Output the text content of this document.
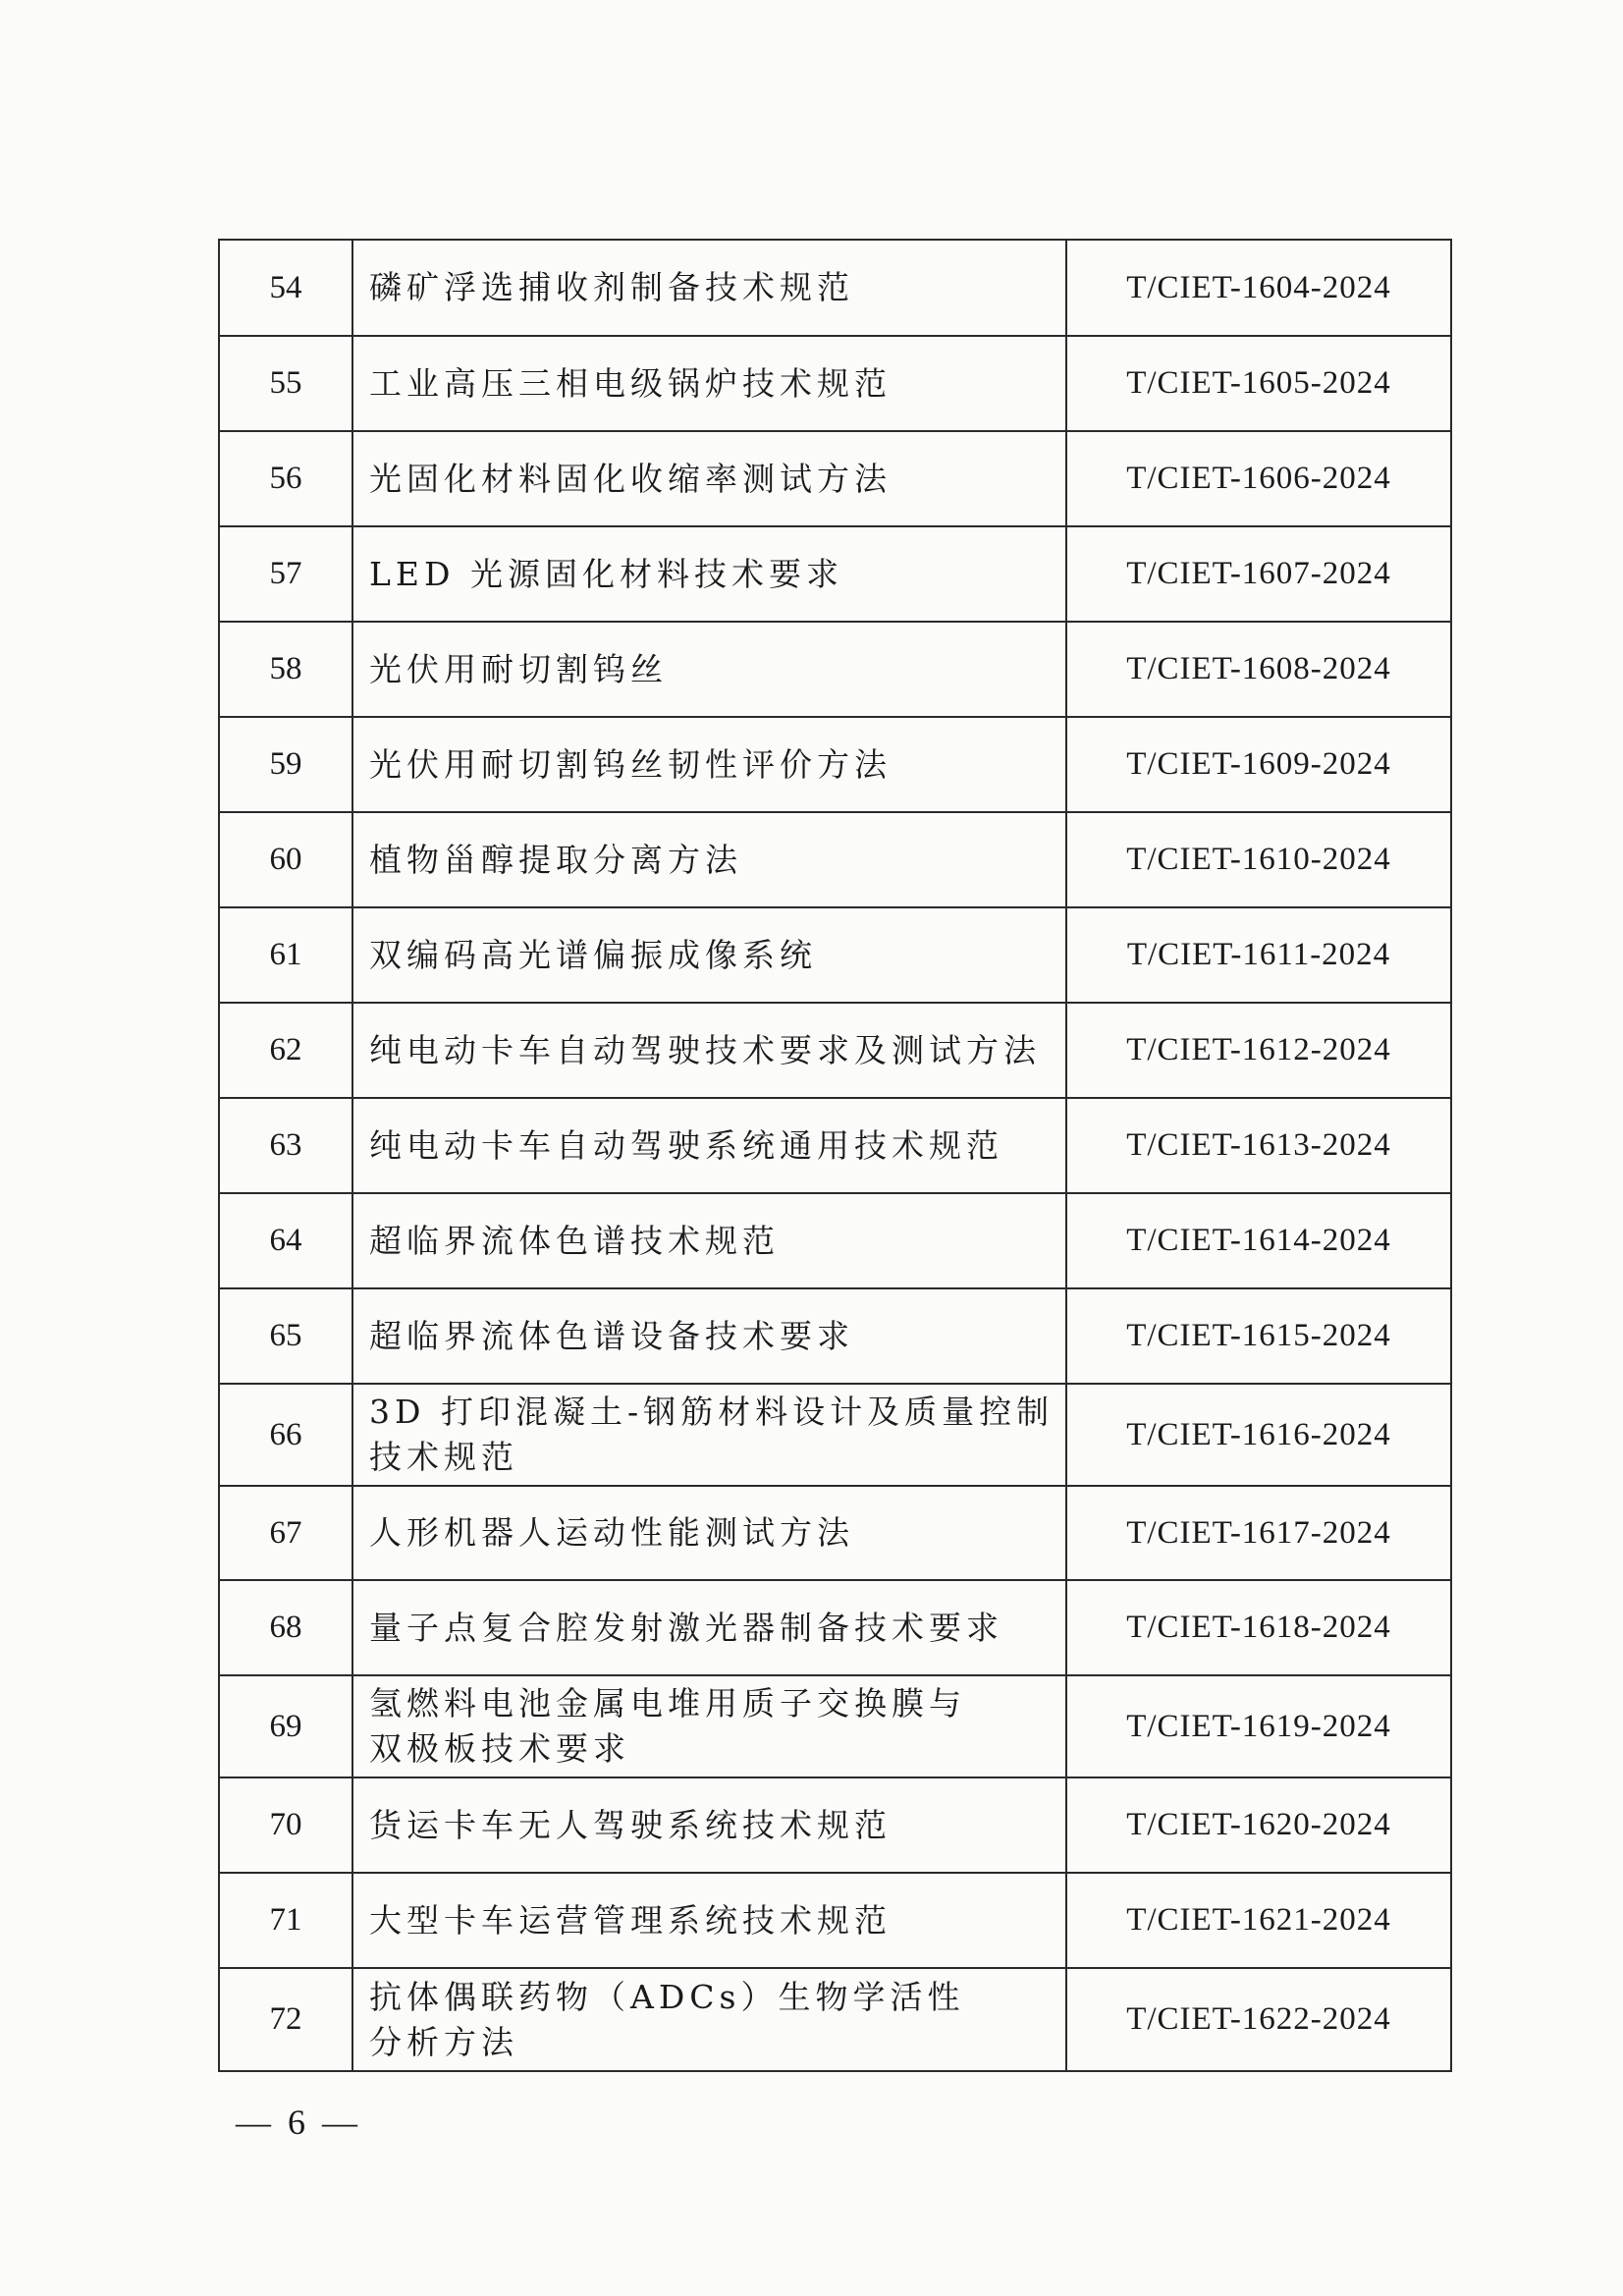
54	磷矿浮选捕收剂制备技术规范	T/CIET-1604-2024
55	工业高压三相电级锅炉技术规范	T/CIET-1605-2024
56	光固化材料固化收缩率测试方法	T/CIET-1606-2024
57	LED 光源固化材料技术要求	T/CIET-1607-2024
58	光伏用耐切割钨丝	T/CIET-1608-2024
59	光伏用耐切割钨丝韧性评价方法	T/CIET-1609-2024
60	植物甾醇提取分离方法	T/CIET-1610-2024
61	双编码高光谱偏振成像系统	T/CIET-1611-2024
62	纯电动卡车自动驾驶技术要求及测试方法	T/CIET-1612-2024
63	纯电动卡车自动驾驶系统通用技术规范	T/CIET-1613-2024
64	超临界流体色谱技术规范	T/CIET-1614-2024
65	超临界流体色谱设备技术要求	T/CIET-1615-2024
66	3D 打印混凝土-钢筋材料设计及质量控制
技术规范	T/CIET-1616-2024
67	人形机器人运动性能测试方法	T/CIET-1617-2024
68	量子点复合腔发射激光器制备技术要求	T/CIET-1618-2024
69	氢燃料电池金属电堆用质子交换膜与
双极板技术要求	T/CIET-1619-2024
70	货运卡车无人驾驶系统技术规范	T/CIET-1620-2024
71	大型卡车运营管理系统技术规范	T/CIET-1621-2024
72	抗体偶联药物（ADCs）生物学活性
分析方法	T/CIET-1622-2024
— 6 —
